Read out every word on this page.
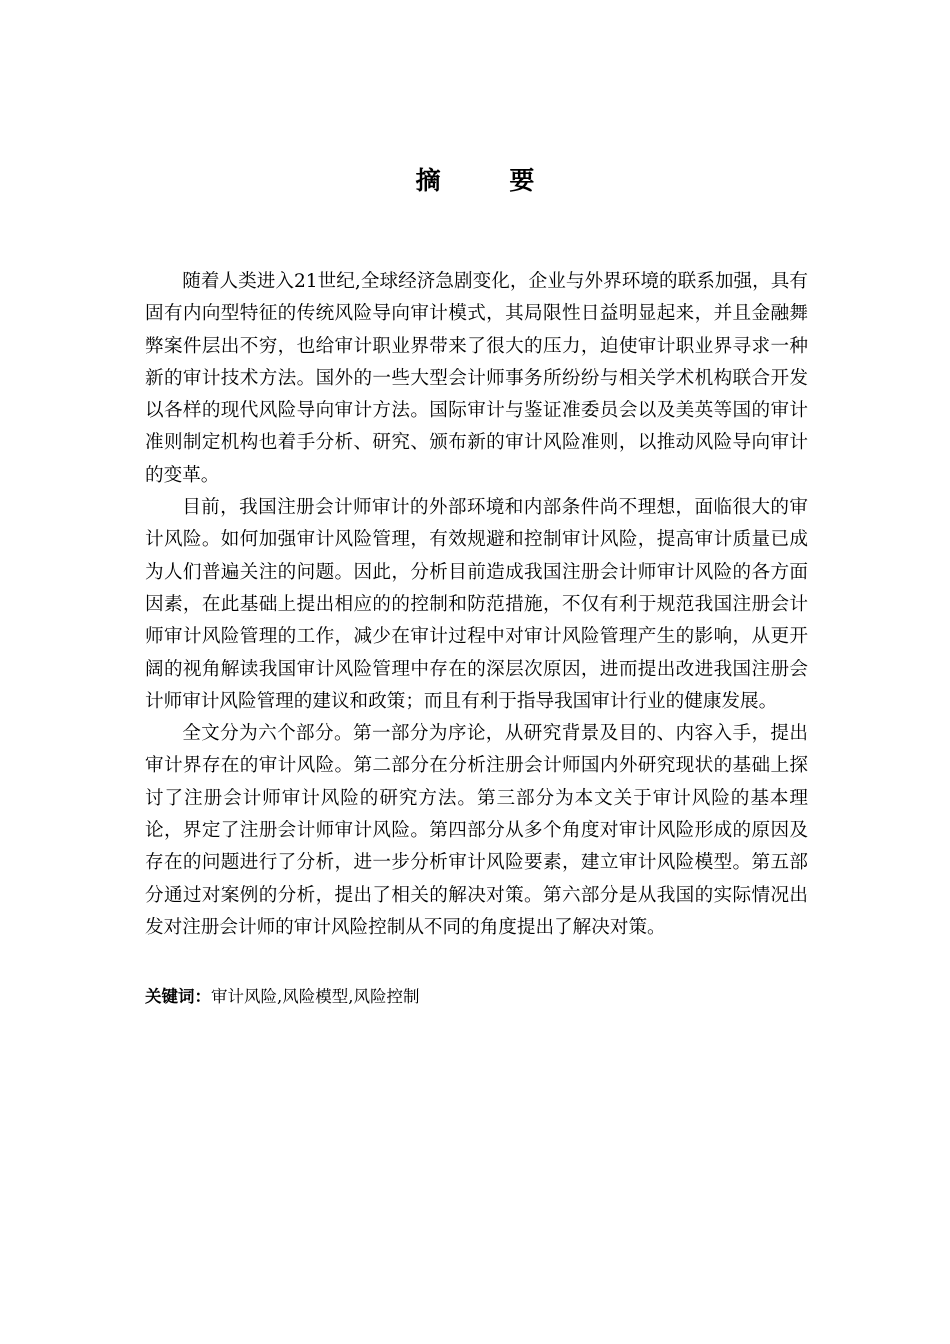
摘 要

随着人类进入21世纪,全球经济急剧变化，企业与外界环境的联系加强，具有固有内向型特征的传统风险导向审计模式，其局限性日益明显起来，并且金融舞弊案件层出不穷，也给审计职业界带来了很大的压力，迫使审计职业界寻求一种新的审计技术方法。国外的一些大型会计师事务所纷纷与相关学术机构联合开发以各样的现代风险导向审计方法。国际审计与鉴证准委员会以及美英等国的审计准则制定机构也着手分析、研究、颁布新的审计风险准则，以推动风险导向审计的变革。

目前，我国注册会计师审计的外部环境和内部条件尚不理想，面临很大的审计风险。如何加强审计风险管理，有效规避和控制审计风险，提高审计质量已成为人们普遍关注的问题。因此，分析目前造成我国注册会计师审计风险的各方面因素，在此基础上提出相应的的控制和防范措施，不仅有利于规范我国注册会计师审计风险管理的工作，减少在审计过程中对审计风险管理产生的影响，从更开阔的视角解读我国审计风险管理中存在的深层次原因，进而提出改进我国注册会计师审计风险管理的建议和政策；而且有利于指导我国审计行业的健康发展。

全文分为六个部分。第一部分为序论，从研究背景及目的、内容入手，提出审计界存在的审计风险。第二部分在分析注册会计师国内外研究现状的基础上探讨了注册会计师审计风险的研究方法。第三部分为本文关于审计风险的基本理论，界定了注册会计师审计风险。第四部分从多个角度对审计风险形成的原因及存在的问题进行了分析，进一步分析审计风险要素，建立审计风险模型。第五部分通过对案例的分析，提出了相关的解决对策。第六部分是从我国的实际情况出发对注册会计师的审计风险控制从不同的角度提出了解决对策。

关键词：审计风险,风险模型,风险控制
